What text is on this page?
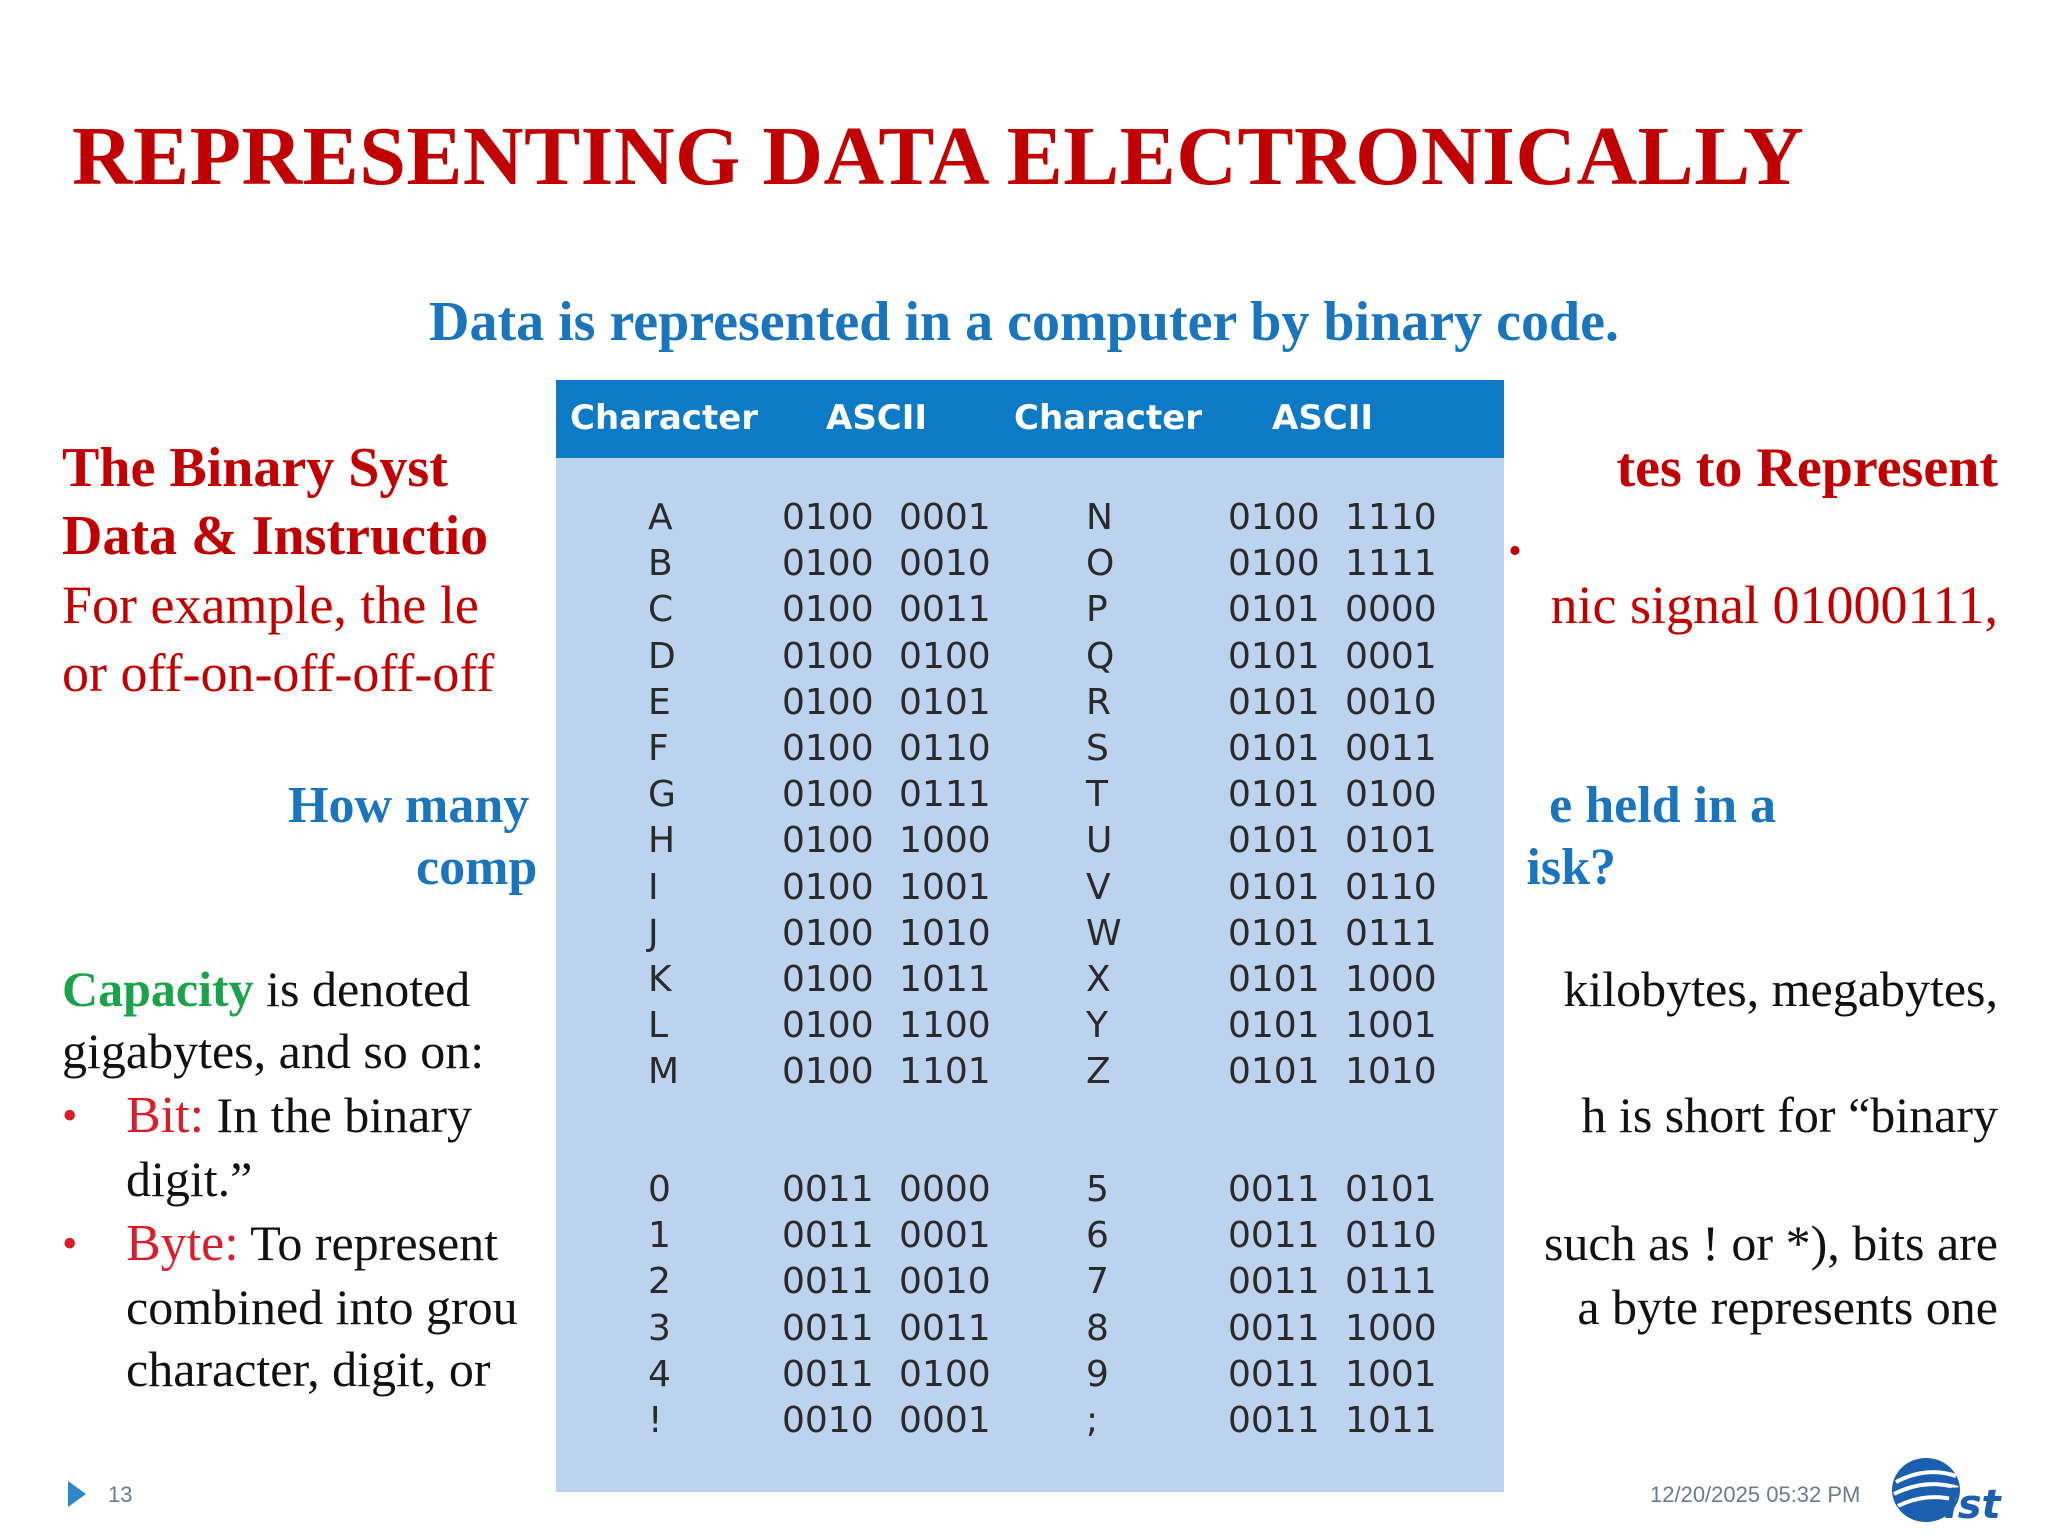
REPRESENTING DATA ELECTRONICALLY
Data is represented in a computer by binary code.
The Binary Syst	tes to Represent
Data & Instructio	.
For example, the le	nic signal 01000111,
or off-on-off-off-off
How many	e held in a
comp	isk?
Capacity is denoted	kilobytes, megabytes,
gigabytes, and so on:
• Bit: In the binary	h is short for “binary
digit.”
• Byte: To represent	such as ! or *), bits are
combined into grou	a byte represents one
character, digit, or
Character ASCII	Character ASCII
A	0100 0001	N	0100 1110
B	0100 0010	O	0100 1111
C	0100 0011	P	0101 0000
D	0100 0100	Q	0101 0001
E	0100 0101	R	0101 0010
F	0100 0110	S	0101 0011
G	0100 0111	T	0101 0100
H	0100 1000	U	0101 0101
I	0100 1001	V	0101 0110
J	0100 1010	W	0101 0111
K	0100 1011	X	0101 1000
L	0100 1100	Y	0101 1001
M	0100 1101	Z	0101 1010
0	0011 0000	5	0011 0101
1	0011 0001	6	0011 0110
2	0011 0010	7	0011 0111
3	0011 0011	8	0011 1000
4	0011 0100	9	0011 1001
!	0010 0001	;	0011 1011
13	12/20/2025 05:32 PM ist
